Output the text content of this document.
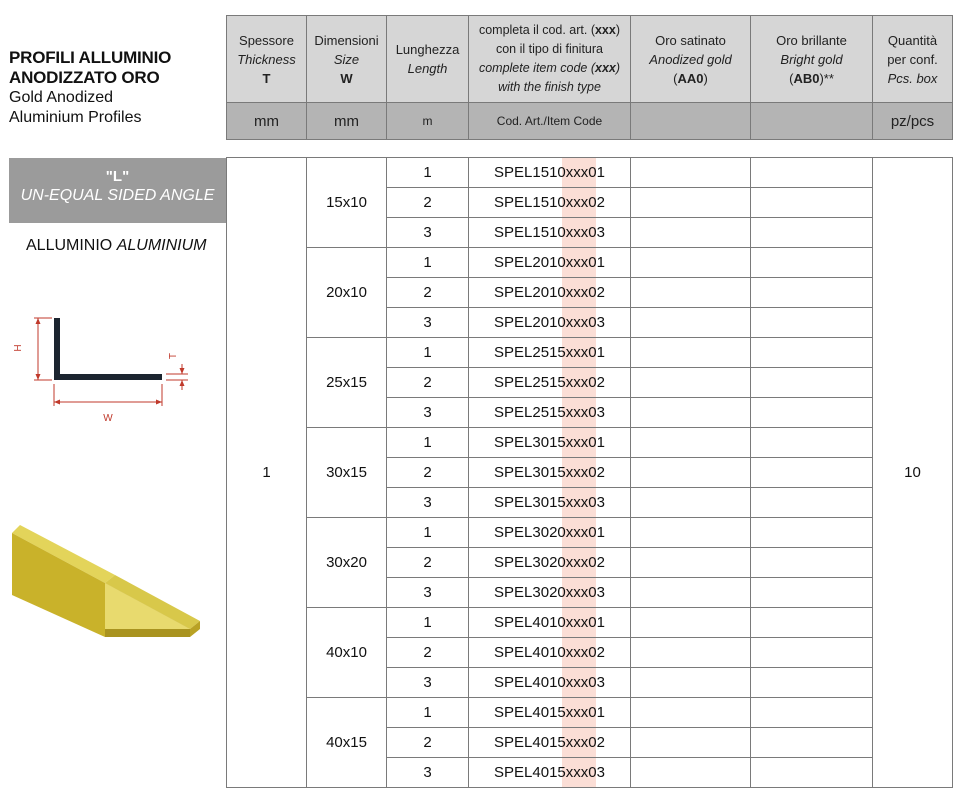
PROFILI ALLUMINIO
ANODIZZATO ORO
Gold Anodized
Aluminium Profiles
Spessore
Thickness
T	Dimensioni
Size
W	Lunghezza
Length	completa il cod. art. (xxx)
con il tipo di finitura
complete item code (xxx)
with the finish type	Oro satinato
Anodized gold
(AA0)	Oro brillante
Bright gold
(AB0)**	Quantità
per conf.
Pcs. box

mm	mm	m	Cod. Art./Item Code			pz/pcs
"L"
UN-EQUAL SIDED ANGLE
ALLUMINIO ALUMINIUM
H
T
W
1	15x10	1	SPEL1510xxx01			10
		2	SPEL1510xxx02			
		3	SPEL1510xxx03			
	20x10	1	SPEL2010xxx01			
		2	SPEL2010xxx02			
		3	SPEL2010xxx03			
	25x15	1	SPEL2515xxx01			
		2	SPEL2515xxx02			
		3	SPEL2515xxx03			
	30x15	1	SPEL3015xxx01			
		2	SPEL3015xxx02			
		3	SPEL3015xxx03			
	30x20	1	SPEL3020xxx01			
		2	SPEL3020xxx02			
		3	SPEL3020xxx03			
	40x10	1	SPEL4010xxx01			
		2	SPEL4010xxx02			
		3	SPEL4010xxx03			
	40x15	1	SPEL4015xxx01			
		2	SPEL4015xxx02			
		3	SPEL4015xxx03			
